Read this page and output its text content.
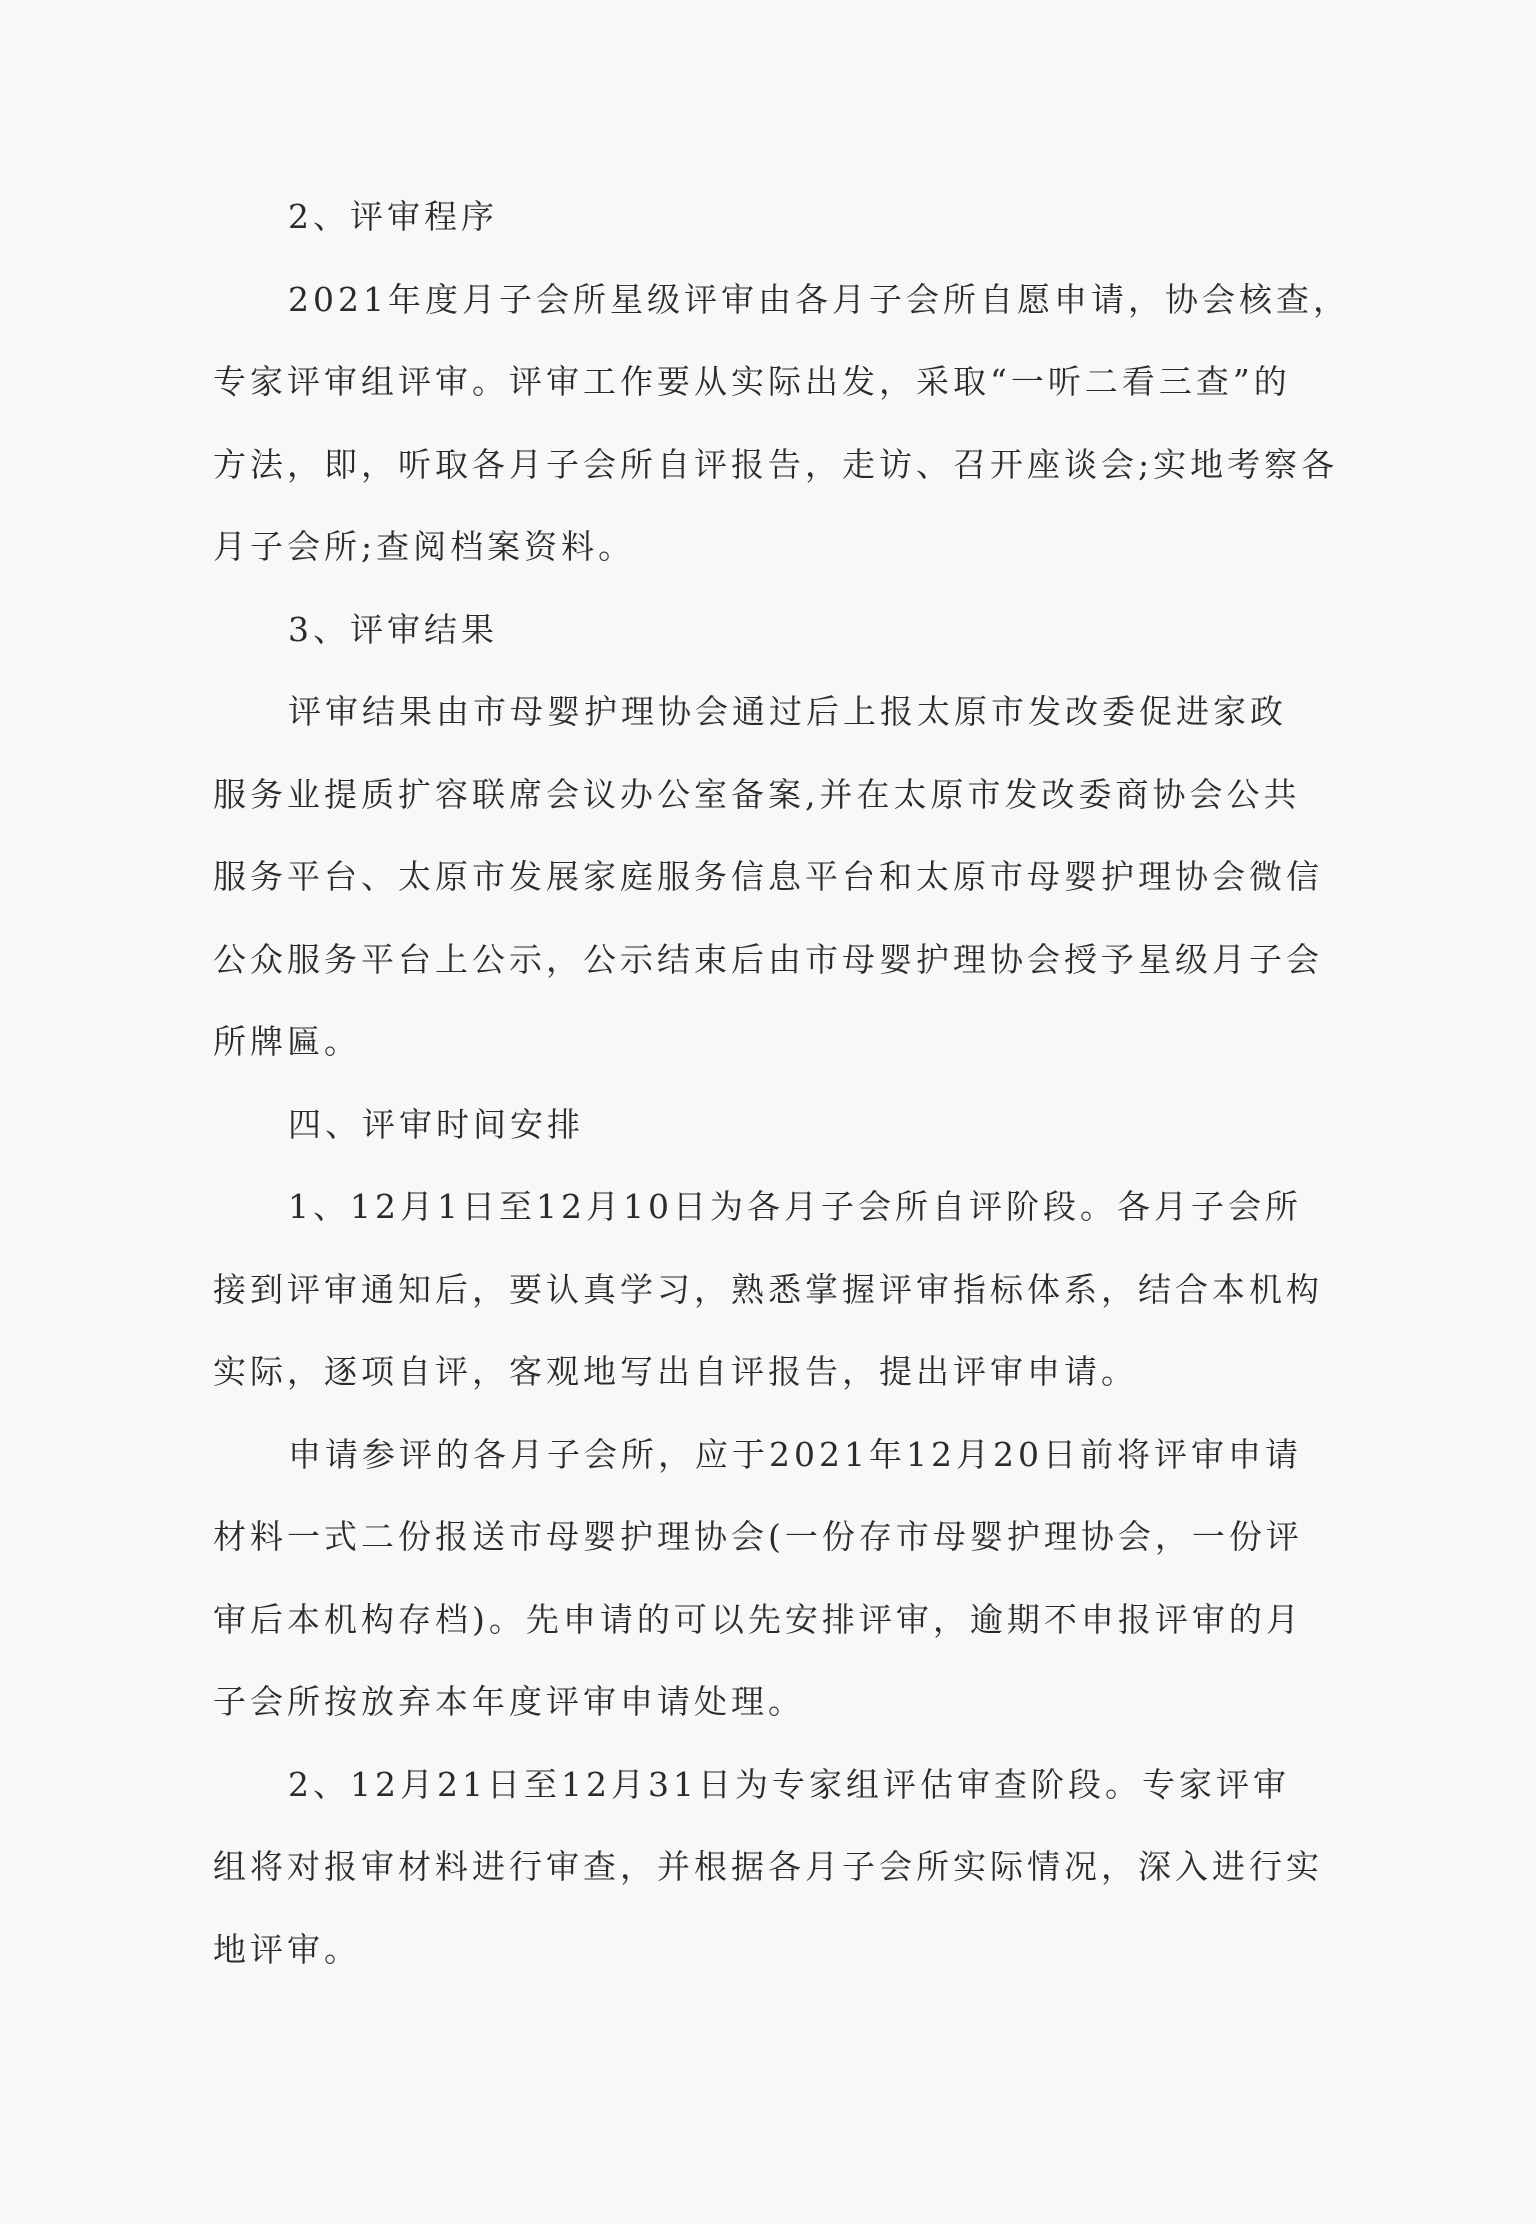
2、评审程序
2021年度月子会所星级评审由各月子会所自愿申请，协会核查，
专家评审组评审。评审工作要从实际出发，采取“一听二看三查”的
方法，即，听取各月子会所自评报告，走访、召开座谈会;实地考察各
月子会所;查阅档案资料。
3、评审结果
评审结果由市母婴护理协会通过后上报太原市发改委促进家政
服务业提质扩容联席会议办公室备案,并在太原市发改委商协会公共
服务平台、太原市发展家庭服务信息平台和太原市母婴护理协会微信
公众服务平台上公示，公示结束后由市母婴护理协会授予星级月子会
所牌匾。
四、评审时间安排
1、12月1日至12月10日为各月子会所自评阶段。各月子会所
接到评审通知后，要认真学习，熟悉掌握评审指标体系，结合本机构
实际，逐项自评，客观地写出自评报告，提出评审申请。
申请参评的各月子会所，应于2021年12月20日前将评审申请
材料一式二份报送市母婴护理协会(一份存市母婴护理协会，一份评
审后本机构存档)。先申请的可以先安排评审，逾期不申报评审的月
子会所按放弃本年度评审申请处理。
2、12月21日至12月31日为专家组评估审查阶段。专家评审
组将对报审材料进行审查，并根据各月子会所实际情况，深入进行实
地评审。
